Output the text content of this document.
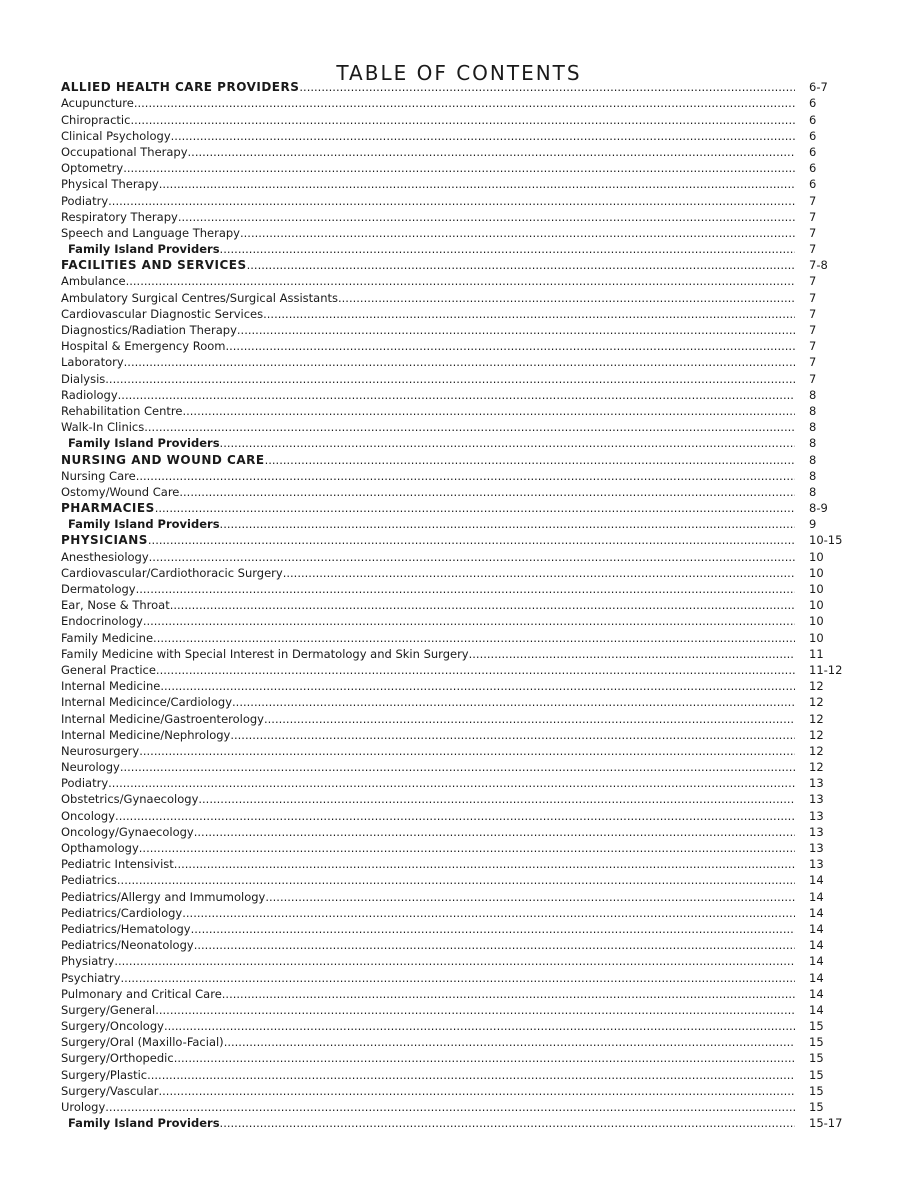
TABLE OF CONTENTS
ALLIED HEALTH CARE PROVIDERS .....	6-7
Acupuncture .....	6
Chiropractic .....	6
Clinical Psychology .....	6
Occupational Therapy .....	6
Optometry .....	6
Physical Therapy .....	6
Podiatry .....	7
Respiratory Therapy .....	7
Speech and Language Therapy .....	7
Family Island Providers .....	7
FACILITIES AND SERVICES .....	7-8
Ambulance .....	7
Ambulatory Surgical Centres/Surgical Assistants .....	7
Cardiovascular Diagnostic Services .....	7
Diagnostics/Radiation Therapy .....	7
Hospital & Emergency Room .....	7
Laboratory .....	7
Dialysis .....	7
Radiology .....	8
Rehabilitation Centre .....	8
Walk-In Clinics .....	8
Family Island Providers .....	8
NURSING AND WOUND CARE .....	8
Nursing Care .....	8
Ostomy/Wound Care .....	8
PHARMACIES .....	8-9
Family Island Providers .....	9
PHYSICIANS .....	10-15
Anesthesiology .....	10
Cardiovascular/Cardiothoracic Surgery .....	10
Dermatology .....	10
Ear, Nose & Throat .....	10
Endocrinology .....	10
Family Medicine .....	10
Family Medicine with Special Interest in Dermatology and Skin Surgery .....	11
General Practice .....	11-12
Internal Medicine .....	12
Internal Medicince/Cardiology .....	12
Internal Medicine/Gastroenterology .....	12
Internal Medicine/Nephrology .....	12
Neurosurgery .....	12
Neurology .....	12
Podiatry .....	13
Obstetrics/Gynaecology .....	13
Oncology .....	13
Oncology/Gynaecology .....	13
Opthamology .....	13
Pediatric Intensivist .....	13
Pediatrics .....	14
Pediatrics/Allergy and Immumology .....	14
Pediatrics/Cardiology .....	14
Pediatrics/Hematology .....	14
Pediatrics/Neonatology .....	14
Physiatry .....	14
Psychiatry .....	14
Pulmonary and Critical Care .....	14
Surgery/General .....	14
Surgery/Oncology .....	15
Surgery/Oral (Maxillo-Facial) .....	15
Surgery/Orthopedic .....	15
Surgery/Plastic .....	15
Surgery/Vascular .....	15
Urology .....	15
Family Island Providers .....	15-17
